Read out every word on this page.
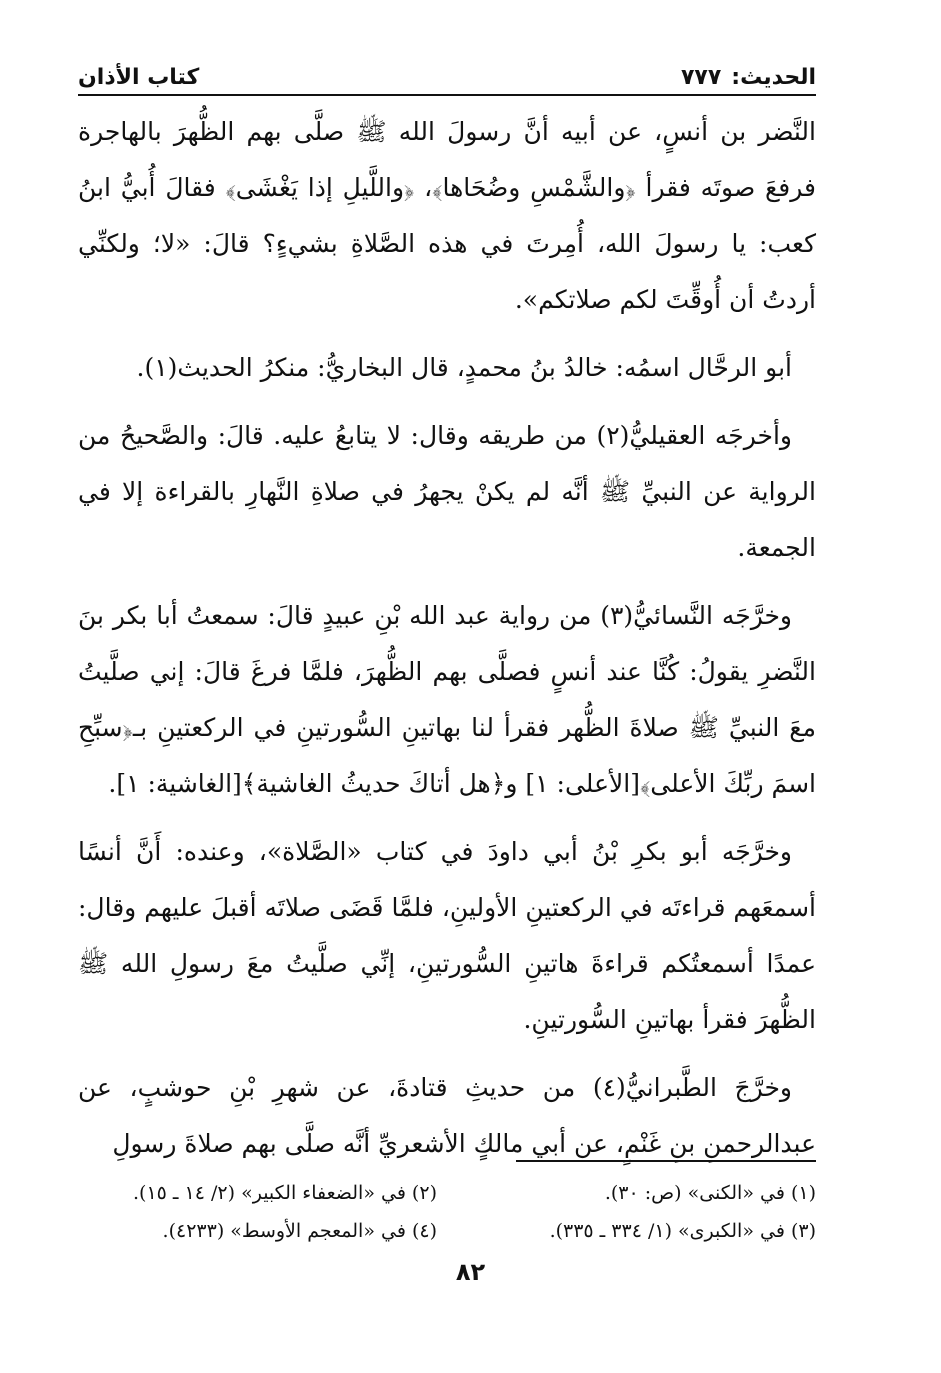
الحديث:
٧٧٧
كتاب الأذان

النَّضر بن أنسٍ، عن أبيه أنَّ رسولَ الله ﷺ صلَّى بهم الظُّهرَ بالهاجرة فرفعَ صوتَه فقرأ ﴿والشَّمْسِ وضُحَاها﴾، ﴿واللَّيلِ إذا يَغْشَى﴾ فقالَ أُبيُّ ابنُ كعب: يا رسولَ الله، أُمِرتَ في هذه الصَّلاةِ بشيءٍ؟ قالَ: «لا؛ ولكنِّي أردتُ أن أُوقِّتَ لكم صلاتكم».

أبو الرحَّال اسمُه: خالدُ بنُ محمدٍ، قال البخاريُّ: منكرُ الحديث(١).

وأخرجَه العقيليُّ(٢) من طريقه وقال: لا يتابعُ عليه. قالَ: والصَّحيحُ من الرواية عن النبيِّ ﷺ أنَّه لم يكنْ يجهرُ في صلاةِ النَّهارِ بالقراءة إلا في الجمعة.

وخرَّجَه النَّسائيُّ(٣) من رواية عبد الله بْنِ عبيدٍ قالَ: سمعتُ أبا بكر بنَ النَّضرِ يقولُ: كُنَّا عند أنسٍ فصلَّى بهم الظُّهرَ، فلمَّا فرغَ قالَ: إني صلَّيتُ معَ النبيِّ ﷺ صلاةَ الظُّهر فقرأ لنا بهاتينِ السُّورتينِ في الركعتينِ بـ﴿سبِّحِ اسمَ ربِّكَ الأعلى﴾[الأعلى: ١] و﴿هل أتاكَ حديثُ الغاشية﴾[الغاشية: ١].

وخرَّجَه أبو بكرِ بْنُ أبي داودَ في كتاب «الصَّلاة»، وعنده: أَنَّ أنسًا أسمعَهم قراءتَه في الركعتينِ الأولينِ، فلمَّا قَضَى صلاتَه أقبلَ عليهم وقال: عمدًا أسمعتُكم قراءةَ هاتينِ السُّورتينِ، إنِّي صلَّيتُ معَ رسولِ الله ﷺ الظُّهرَ فقرأ بهاتينِ السُّورتينِ.

وخرَّجَ الطَّبرانيُّ(٤) من حديثِ قتادةَ، عن شهرِ بْنِ حوشبٍ، عن عبدالرحمنِ بنِ غَنْمٍ، عن أبي مالكٍ الأشعريِّ أنَّه صلَّى بهم صلاةَ رسولِ

(١) في «الكنى» (ص: ٣٠).
(٢) في «الضعفاء الكبير» (٢/ ١٤ ـ ١٥).
(٣) في «الكبرى» (١/ ٣٣٤ ـ ٣٣٥).
(٤) في «المعجم الأوسط» (٤٢٣٣).
٨٢
